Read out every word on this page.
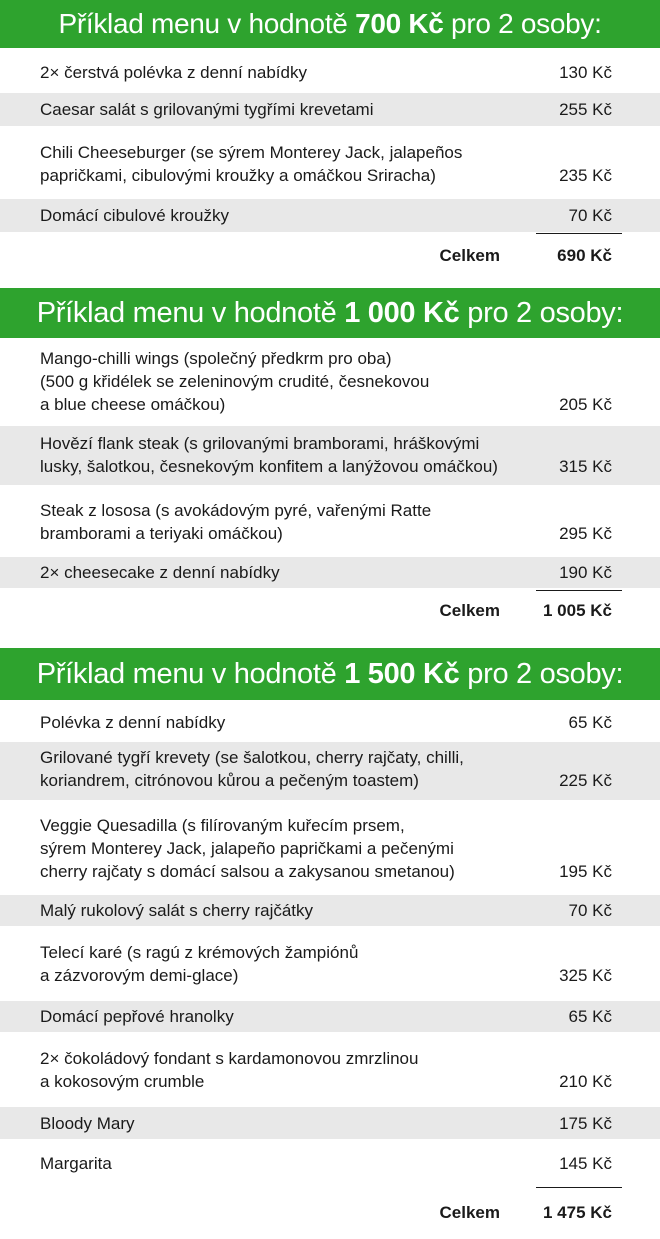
Příklad menu v hodnotě 700 Kč pro 2 osoby:
2× čerstvá polévka z denní nabídky	130 Kč
Caesar salát s grilovanými tygřími krevetami	255 Kč
Chili Cheeseburger (se sýrem Monterey Jack, jalapeños
papričkami, cibulovými kroužky a omáčkou Sriracha)	235 Kč
Domácí cibulové kroužky	70 Kč
Celkem	690 Kč
Příklad menu v hodnotě 1 000 Kč pro 2 osoby:
Mango-chilli wings (společný předkrm pro oba)
(500 g křidélek se zeleninovým crudité, česnekovou
a blue cheese omáčkou)	205 Kč
Hovězí flank steak (s grilovanými bramborami, hráškovými
lusky, šalotkou, česnekovým konfitem a lanýžovou omáčkou)	315 Kč
Steak z lososa (s avokádovým pyré, vařenými Ratte
bramborami a teriyaki omáčkou)	295 Kč
2× cheesecake z denní nabídky	190 Kč
Celkem	1 005 Kč
Příklad menu v hodnotě 1 500 Kč pro 2 osoby:
Polévka z denní nabídky	65 Kč
Grilované tygří krevety (se šalotkou, cherry rajčaty, chilli,
koriandrem, citrónovou kůrou a pečeným toastem)	225 Kč
Veggie Quesadilla (s filírovaným kuřecím prsem,
sýrem Monterey Jack, jalapeño papričkami a pečenými
cherry rajčaty s domácí salsou a zakysanou smetanou)	195 Kč
Malý rukolový salát s cherry rajčátky	70 Kč
Telecí karé (s ragú z krémových žampiónů
a zázvorovým demi-glace)	325 Kč
Domácí pepřové hranolky	65 Kč
2× čokoládový fondant s kardamonovou zmrzlinou
a kokosovým crumble	210 Kč
Bloody Mary	175 Kč
Margarita	145 Kč
Celkem	1 475 Kč
